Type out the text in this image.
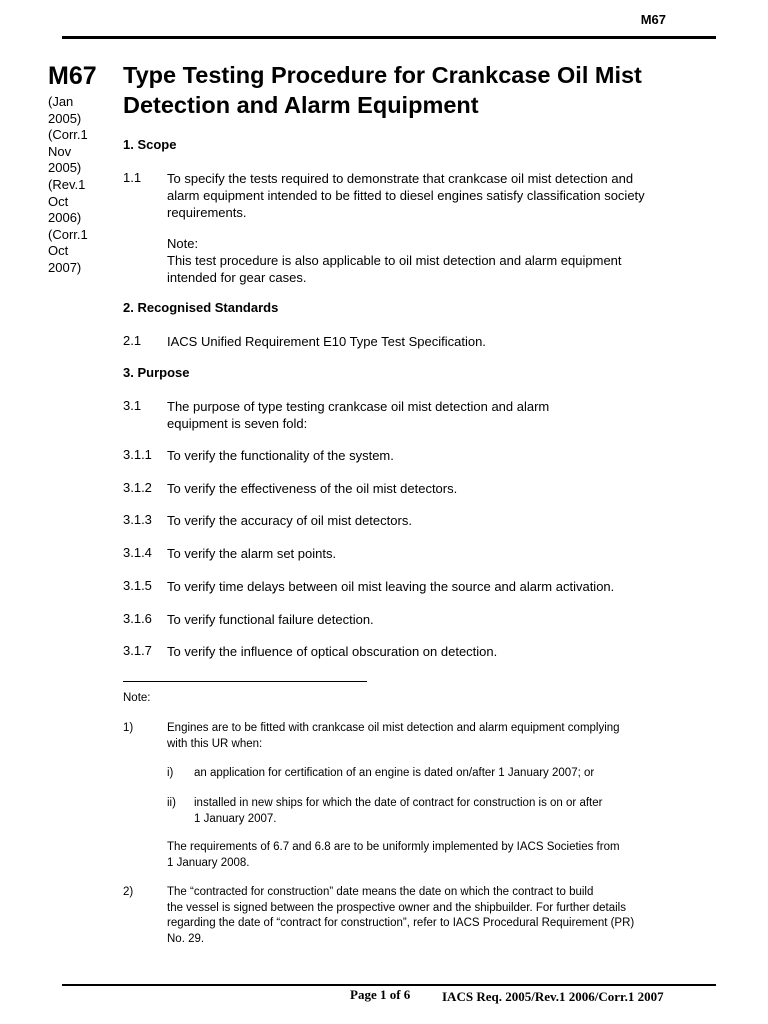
M67
M67
(Jan
2005)
(Corr.1
Nov
2005)
(Rev.1
Oct
2006)
(Corr.1
Oct
2007)
Type Testing Procedure for Crankcase Oil Mist
Detection and Alarm Equipment
1. Scope
1.1 To specify the tests required to demonstrate that crankcase oil mist detection and
alarm equipment intended to be fitted to diesel engines satisfy classification society
requirements.
Note:
This test procedure is also applicable to oil mist detection and alarm equipment
intended for gear cases.
2. Recognised Standards
2.1 IACS Unified Requirement E10 Type Test Specification.
3. Purpose
3.1 The purpose of type testing crankcase oil mist detection and alarm
equipment is seven fold:
3.1.1 To verify the functionality of the system.
3.1.2 To verify the effectiveness of the oil mist detectors.
3.1.3 To verify the accuracy of oil mist detectors.
3.1.4 To verify the alarm set points.
3.1.5 To verify time delays between oil mist leaving the source and alarm activation.
3.1.6 To verify functional failure detection.
3.1.7 To verify the influence of optical obscuration on detection.
Note:
1)	Engines are to be fitted with crankcase oil mist detection and alarm equipment complying
with this UR when:
i) an application for certification of an engine is dated on/after 1 January 2007; or
ii) installed in new ships for which the date of contract for construction is on or after
1 January 2007.
The requirements of 6.7 and 6.8 are to be uniformly implemented by IACS Societies from
1 January 2008.
2)	The “contracted for construction” date means the date on which the contract to build
the vessel is signed between the prospective owner and the shipbuilder. For further details
regarding the date of “contract for construction”, refer to IACS Procedural Requirement (PR)
No. 29.
Page 1 of 6 IACS Req. 2005/Rev.1 2006/Corr.1 2007
